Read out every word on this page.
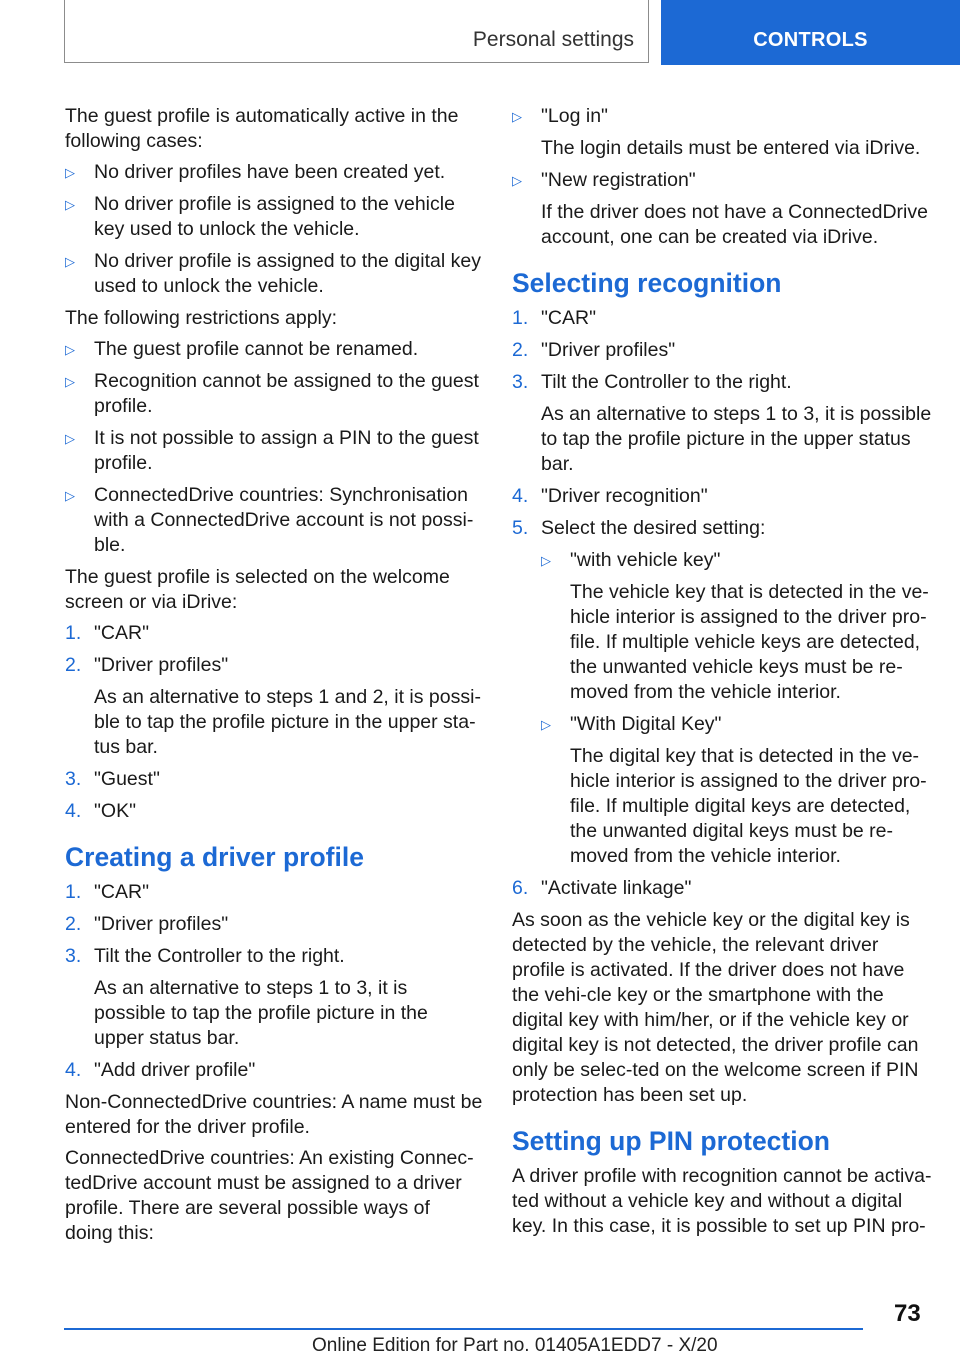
Personal settings	CONTROLS

The guest profile is automatically active in the following cases:

▷ No driver profiles have been created yet.
▷ No driver profile is assigned to the vehicle key used to unlock the vehicle.
▷ No driver profile is assigned to the digital key used to unlock the vehicle.

The following restrictions apply:

▷ The guest profile cannot be renamed.
▷ Recognition cannot be assigned to the guest profile.
▷ It is not possible to assign a PIN to the guest profile.
▷ ConnectedDrive countries: Synchronisation with a ConnectedDrive account is not possi-ble.

The guest profile is selected on the welcome screen or via iDrive:

1. "CAR"
2. "Driver profiles"
As an alternative to steps 1 and 2, it is possi-ble to tap the profile picture in the upper sta-tus bar.
3. "Guest"
4. "OK"
Creating a driver profile
1. "CAR"
2. "Driver profiles"
3. Tilt the Controller to the right.
As an alternative to steps 1 to 3, it is possible to tap the profile picture in the upper status bar.
4. "Add driver profile"

Non-ConnectedDrive countries: A name must be entered for the driver profile.

ConnectedDrive countries: An existing Connec-tedDrive account must be assigned to a driver profile. There are several possible ways of doing this:

▷ "Log in"
The login details must be entered via iDrive.
▷ "New registration"
If the driver does not have a ConnectedDrive account, one can be created via iDrive.
Selecting recognition
1. "CAR"
2. "Driver profiles"
3. Tilt the Controller to the right.
As an alternative to steps 1 to 3, it is possible to tap the profile picture in the upper status bar.
4. "Driver recognition"
5. Select the desired setting:
▷ "with vehicle key"
The vehicle key that is detected in the ve-hicle interior is assigned to the driver pro-file. If multiple vehicle keys are detected, the unwanted vehicle keys must be re-moved from the vehicle interior.
▷ "With Digital Key"
The digital key that is detected in the ve-hicle interior is assigned to the driver pro-file. If multiple digital keys are detected, the unwanted digital keys must be re-moved from the vehicle interior.
6. "Activate linkage"

As soon as the vehicle key or the digital key is detected by the vehicle, the relevant driver profile is activated. If the driver does not have the vehi-cle key or the smartphone with the digital key with him/her, or if the vehicle key or digital key is not detected, the driver profile can only be selec-ted on the welcome screen if PIN protection has been set up.

Setting up PIN protection

A driver profile with recognition cannot be activa-ted without a vehicle key and without a digital key. In this case, it is possible to set up PIN pro-

73
Online Edition for Part no. 01405A1EDD7 - X/20
